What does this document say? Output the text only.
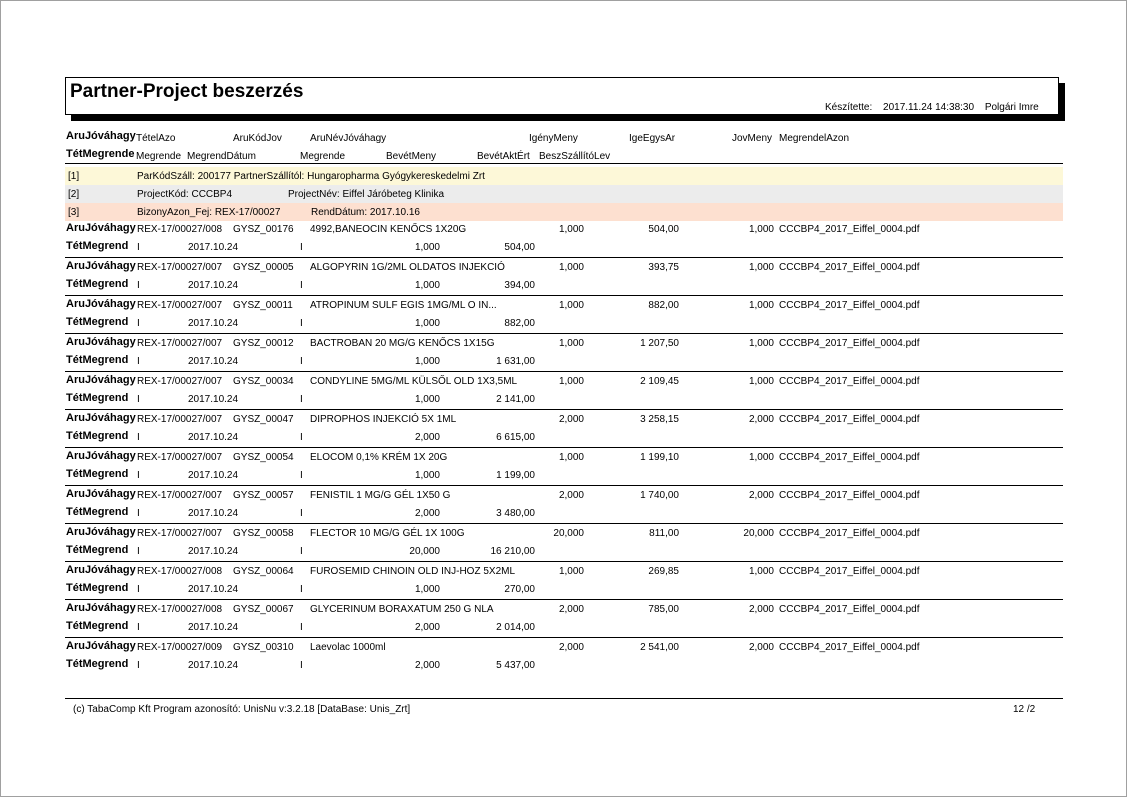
Partner-Project beszerzés
Készítette: 2017.11.24 14:38:30 Polgári Imre
AruJóváhagy TételAzo	AruKódJov	AruNévJóváhagy	IgényMeny	IgeEgysAr	JovMeny MegrendelAzon
TétMegrende Megrende MegrendDátum	Megrende	BevétMeny	BevétAktÉrt BeszSzállítóLev
[1]	ParKódSzáll: 200177 PartnerSzállítól: Hungaropharma Gyógykereskedelmi Zrt
[2]	ProjectKód: CCCBP4	ProjectNév: Eiffel Járóbeteg Klinika
[3]	BizonyAzon_Fej: REX-17/00027	RendDátum: 2017.10.16
AruJóváhagy REX-17/00027/008	GYSZ_00176	4992,BANEOCIN KENŐCS 1X20G	1,000	504,00	1,000 CCCBP4_2017_Eiffel_0004.pdf
TétMegrend I	2017.10.24	I	1,000	504,00
AruJóváhagy REX-17/00027/007	GYSZ_00005	ALGOPYRIN 1G/2ML OLDATOS INJEKCIÓ	1,000	393,75	1,000 CCCBP4_2017_Eiffel_0004.pdf
TétMegrend I	2017.10.24	I	1,000	394,00
AruJóváhagy REX-17/00027/007	GYSZ_00011	ATROPINUM SULF EGIS 1MG/ML O IN...	1,000	882,00	1,000 CCCBP4_2017_Eiffel_0004.pdf
TétMegrend I	2017.10.24	I	1,000	882,00
AruJóváhagy REX-17/00027/007	GYSZ_00012	BACTROBAN 20 MG/G KENŐCS 1X15G	1,000	1 207,50	1,000 CCCBP4_2017_Eiffel_0004.pdf
TétMegrend I	2017.10.24	I	1,000	1 631,00
AruJóváhagy REX-17/00027/007	GYSZ_00034	CONDYLINE 5MG/ML KÜLSŐL OLD 1X3,5ML	1,000	2 109,45	1,000 CCCBP4_2017_Eiffel_0004.pdf
TétMegrend I	2017.10.24	I	1,000	2 141,00
AruJóváhagy REX-17/00027/007	GYSZ_00047	DIPROPHOS INJEKCIÓ 5X 1ML	2,000	3 258,15	2,000 CCCBP4_2017_Eiffel_0004.pdf
TétMegrend I	2017.10.24	I	2,000	6 615,00
AruJóváhagy REX-17/00027/007	GYSZ_00054	ELOCOM 0,1% KRÉM 1X 20G	1,000	1 199,10	1,000 CCCBP4_2017_Eiffel_0004.pdf
TétMegrend I	2017.10.24	I	1,000	1 199,00
AruJóváhagy REX-17/00027/007	GYSZ_00057	FENISTIL 1 MG/G GÉL 1X50 G	2,000	1 740,00	2,000 CCCBP4_2017_Eiffel_0004.pdf
TétMegrend I	2017.10.24	I	2,000	3 480,00
AruJóváhagy REX-17/00027/007	GYSZ_00058	FLECTOR 10 MG/G GÉL 1X 100G	20,000	811,00	20,000 CCCBP4_2017_Eiffel_0004.pdf
TétMegrend I	2017.10.24	I	20,000	16 210,00
AruJóváhagy REX-17/00027/008	GYSZ_00064	FUROSEMID CHINOIN OLD INJ-HOZ 5X2ML	1,000	269,85	1,000 CCCBP4_2017_Eiffel_0004.pdf
TétMegrend I	2017.10.24	I	1,000	270,00
AruJóváhagy REX-17/00027/008	GYSZ_00067	GLYCERINUM BORAXATUM 250 G NLA	2,000	785,00	2,000 CCCBP4_2017_Eiffel_0004.pdf
TétMegrend I	2017.10.24	I	2,000	2 014,00
AruJóváhagy REX-17/00027/009	GYSZ_00310	Laevolac 1000ml	2,000	2 541,00	2,000 CCCBP4_2017_Eiffel_0004.pdf
TétMegrend I	2017.10.24	I	2,000	5 437,00
(c) TabaComp Kft Program azonosító: UnisNu v:3.2.18 [DataBase: Unis_Zrt]	12 /2
